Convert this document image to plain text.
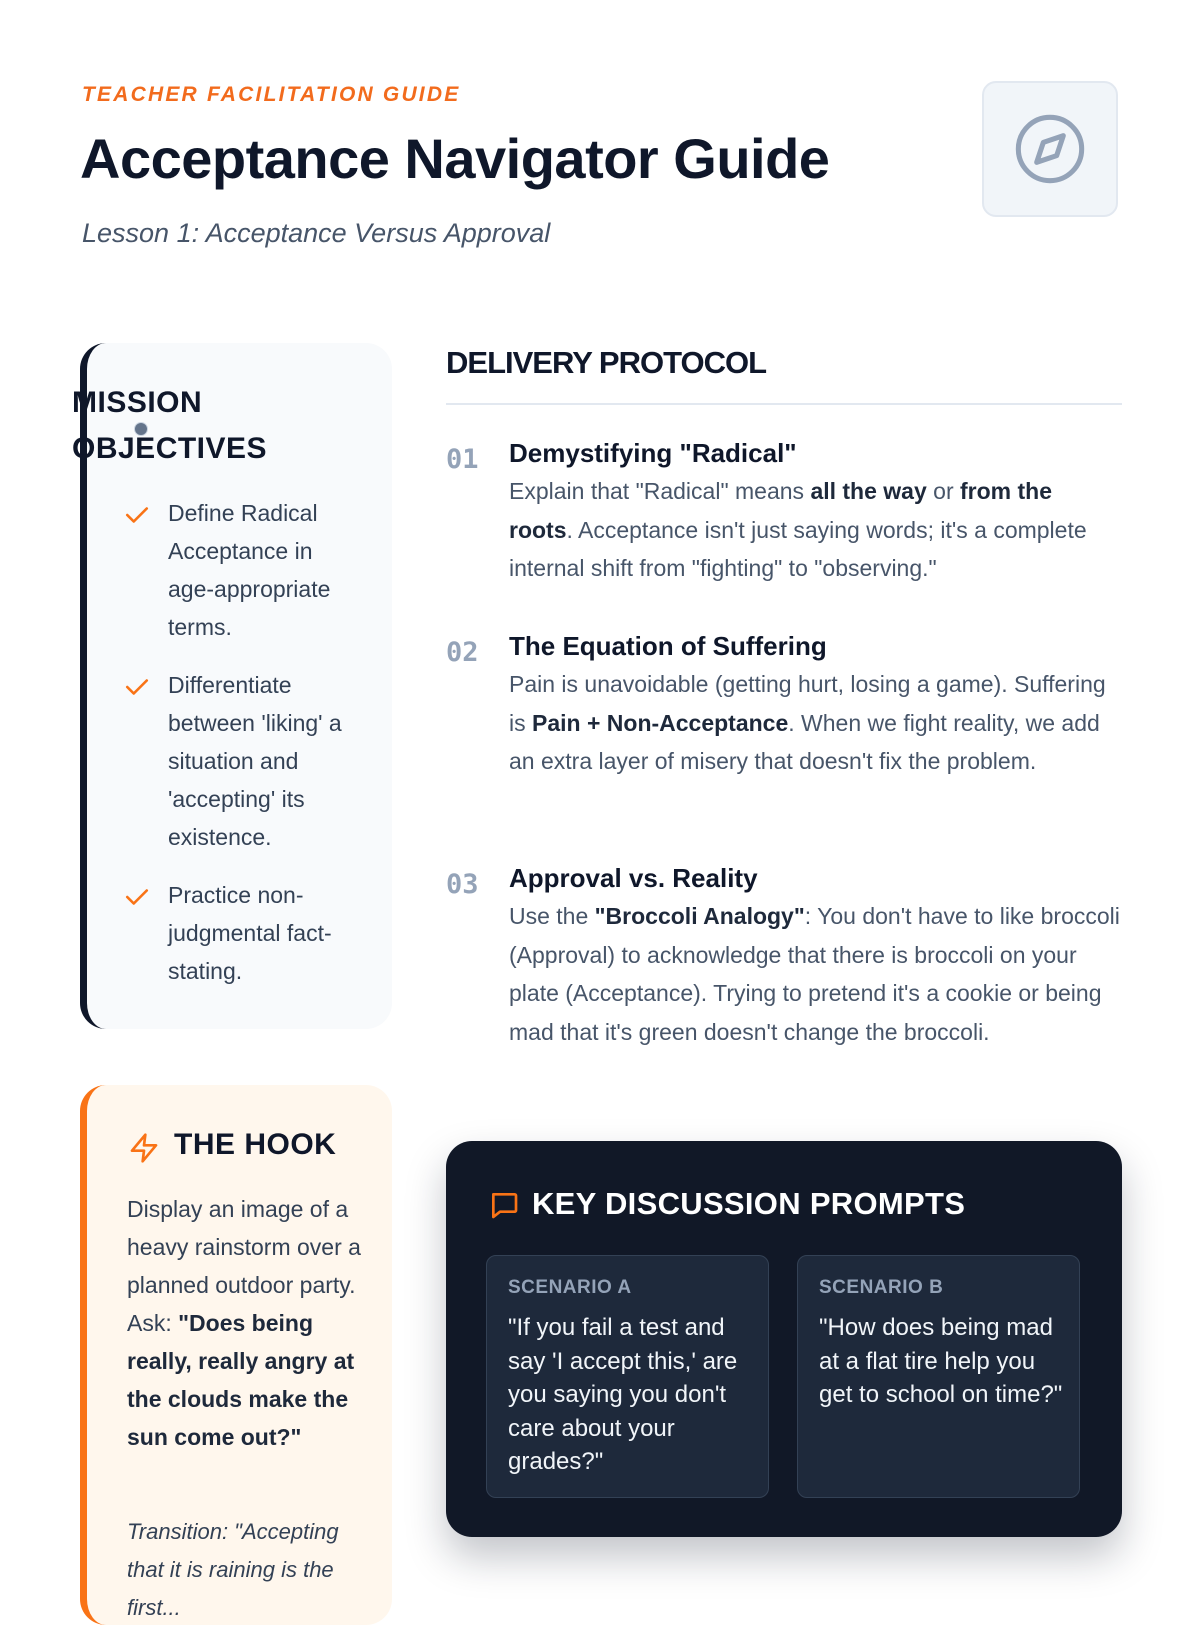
TEACHER FACILITATION GUIDE
Acceptance Navigator Guide
Lesson 1: Acceptance Versus Approval
MISSION OBJECTIVES
Define Radical Acceptance in age-appropriate terms.
Differentiate between 'liking' a situation and 'accepting' its existence.
Practice non-judgmental fact-stating.
THE HOOK
Display an image of a heavy rainstorm over a planned outdoor party. Ask: "Does being really, really angry at the clouds make the sun come out?"
Transition: "Accepting that it is raining is the first...
DELIVERY PROTOCOL
01 Demystifying "Radical"
Explain that "Radical" means all the way or from the roots. Acceptance isn't just saying words; it's a complete internal shift from "fighting" to "observing."
02 The Equation of Suffering
Pain is unavoidable (getting hurt, losing a game). Suffering is Pain + Non-Acceptance. When we fight reality, we add an extra layer of misery that doesn't fix the problem.
03 Approval vs. Reality
Use the "Broccoli Analogy": You don't have to like broccoli (Approval) to acknowledge that there is broccoli on your plate (Acceptance). Trying to pretend it's a cookie or being mad that it's green doesn't change the broccoli.
KEY DISCUSSION PROMPTS
SCENARIO A
"If you fail a test and say 'I accept this,' are you saying you don't care about your grades?"
SCENARIO B
"How does being mad at a flat tire help you get to school on time?"
